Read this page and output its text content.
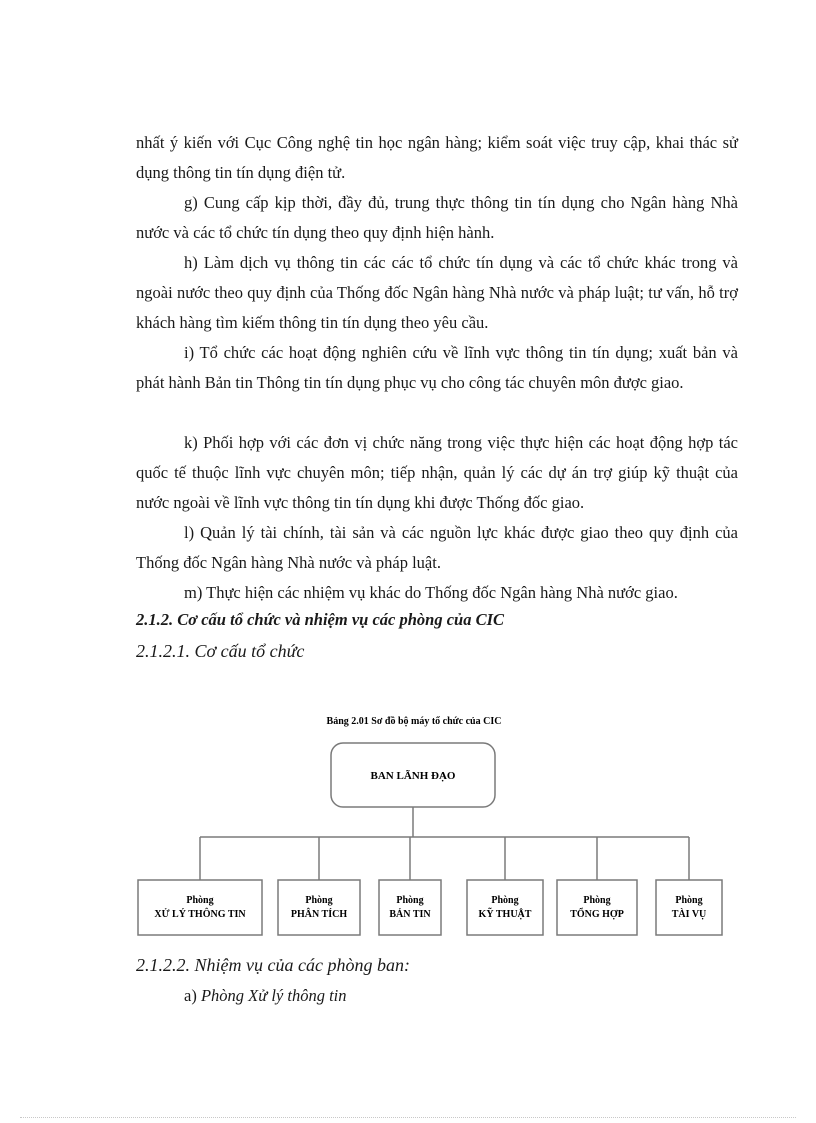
nhất ý kiến với Cục Công nghệ tin học ngân hàng; kiểm soát việc truy cập, khai thác sử dụng thông tin tín dụng điện tử.
g) Cung cấp kịp thời, đầy đủ, trung thực thông tin tín dụng cho Ngân hàng Nhà nước và các tổ chức tín dụng theo quy định hiện hành.
h) Làm dịch vụ thông tin các các tổ chức tín dụng và các tổ chức khác trong và ngoài nước theo quy định của Thống đốc Ngân hàng Nhà nước và pháp luật; tư vấn, hỗ trợ khách hàng tìm kiếm thông tin tín dụng theo yêu cầu.
i) Tổ chức các hoạt động nghiên cứu về lĩnh vực thông tin tín dụng; xuất bản và phát hành Bản tin Thông tin tín dụng phục vụ cho công tác chuyên môn được giao.
k) Phối hợp với các đơn vị chức năng trong việc thực hiện các hoạt động hợp tác quốc tế thuộc lĩnh vực chuyên môn; tiếp nhận, quản lý các dự án trợ giúp kỹ thuật của nước ngoài về lĩnh vực thông tin tín dụng khi được Thống đốc giao.
l) Quản lý tài chính, tài sản và các nguồn lực khác được giao theo quy định của Thống đốc Ngân hàng Nhà nước và pháp luật.
m) Thực hiện các nhiệm vụ khác do Thống đốc Ngân hàng Nhà nước giao.
2.1.2. Cơ cấu tổ chức và nhiệm vụ các phòng của CIC
2.1.2.1. Cơ cấu tổ chức
Bảng 2.01 Sơ đồ bộ máy tổ chức của CIC
BAN LÃNH ĐẠO
Phòng
XỬ LÝ THÔNG TIN
Phòng
PHÂN TÍCH
Phòng
BẢN TIN
Phòng
KỸ THUẬT
Phòng
TỔNG HỢP
Phòng
TÀI VỤ
2.1.2.2. Nhiệm vụ của các phòng ban:
a) Phòng Xử lý thông tin
